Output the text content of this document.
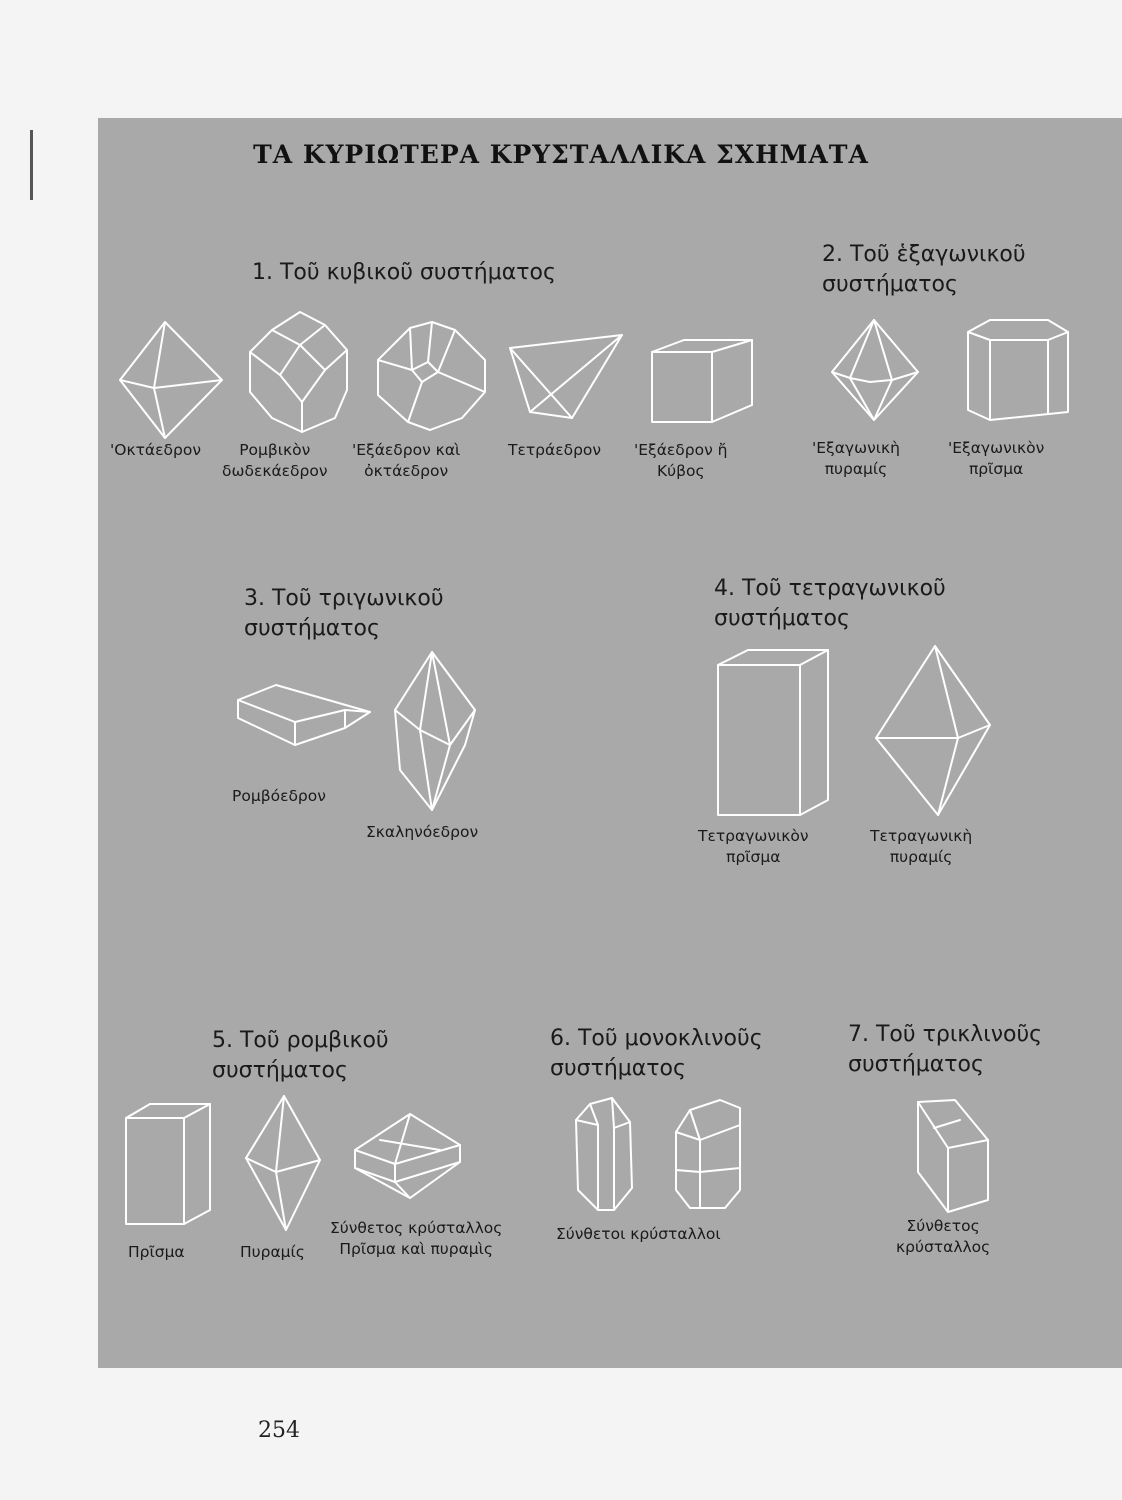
ΤΑ ΚΥΡΙΩΤΕΡΑ ΚΡΥΣΤΑΛΛΙΚΑ ΣΧΗΜΑΤΑ
1. Τοῦ κυβικοῦ συστήματος
2. Τοῦ ἑξαγωνικοῦ
συστήματος
3. Τοῦ τριγωνικοῦ
συστήματος
4. Τοῦ τετραγωνικοῦ
συστήματος
5. Τοῦ ρομβικοῦ
συστήματος
6. Τοῦ μονοκλινοῦς
συστήματος
7. Τοῦ τρικλινοῦς
συστήματος
'Οκτάεδρον	Ρομβικὸν
δωδεκάεδρον
'Εξάεδρον καὶ
ὀκτάεδρον
Τετράεδρον 'Εξάεδρον ἤ
Κύβος
'Εξαγωνικὴ
πυραμίς
'Εξαγωνικὸν
πρῖσμα
Ρομβόεδρον
Σκαληνόεδρον	Τετραγωνικὸν
πρῖσμα
Τετραγωνικὴ
πυραμίς
Πρῖσμα	Πυραμίς
Σύνθετος κρύσταλλος
Πρῖσμα καὶ πυραμὶς
Σύνθετοι κρύσταλλοι	Σύνθετος
κρύσταλλος
254
